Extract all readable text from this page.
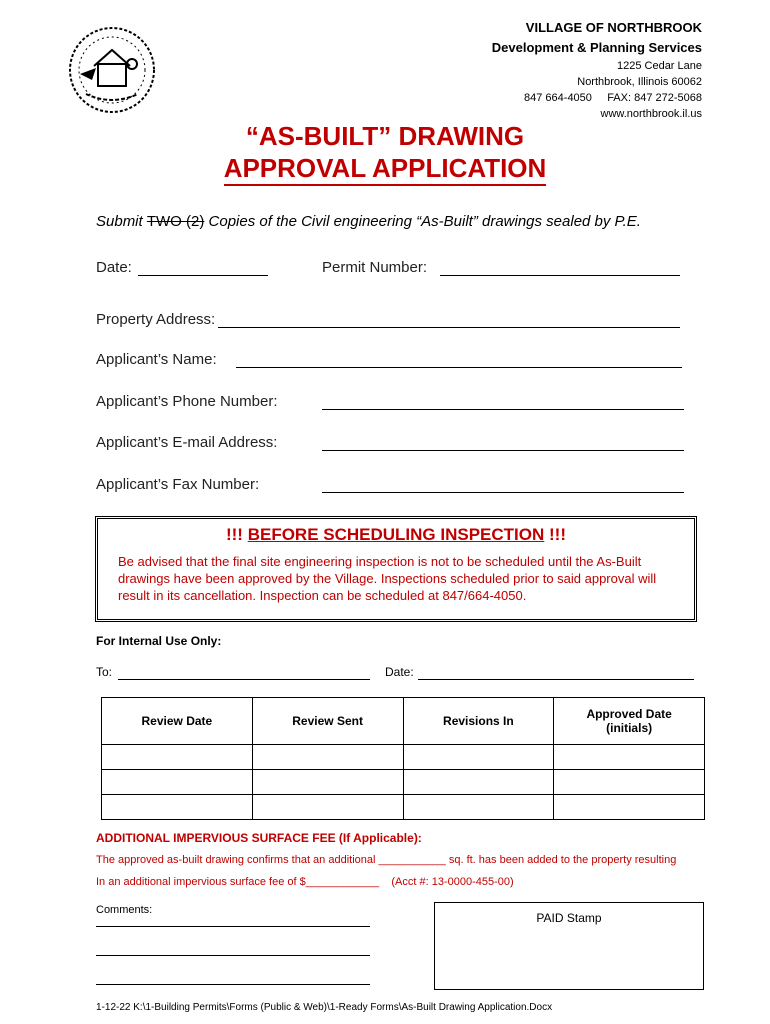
VILLAGE OF NORTHBROOK
Development & Planning Services
1225 Cedar Lane
Northbrook, Illinois 60062
847 664-4050     FAX: 847 272-5068
www.northbrook.il.us
“AS-BUILT” DRAWING
APPROVAL APPLICATION
Submit TWO (2) Copies of the Civil engineering “As-Built” drawings sealed by P.E.
Date:	Permit Number:
Property Address:
Applicant’s Name:
Applicant’s Phone Number:
Applicant’s E-mail Address:
Applicant’s Fax Number:
!!! BEFORE SCHEDULING INSPECTION !!!
Be advised that the final site engineering inspection is not to be scheduled until the As-Built drawings have been approved by the Village. Inspections scheduled prior to said approval will result in its cancellation. Inspection can be scheduled at 847/664-4050.
For Internal Use Only:
To:	Date:
Review Date	Review Sent	Revisions In	Approved Date
(initials)

ADDITIONAL IMPERVIOUS SURFACE FEE (If Applicable):
The approved as-built drawing confirms that an additional ___________ sq. ft. has been added to the property resulting
In an additional impervious surface fee of $____________    (Acct #: 13-0000-455-00)
Comments:
PAID Stamp
1-12-22 K:\1-Building Permits\Forms (Public & Web)\1-Ready Forms\As-Built Drawing Application.Docx
